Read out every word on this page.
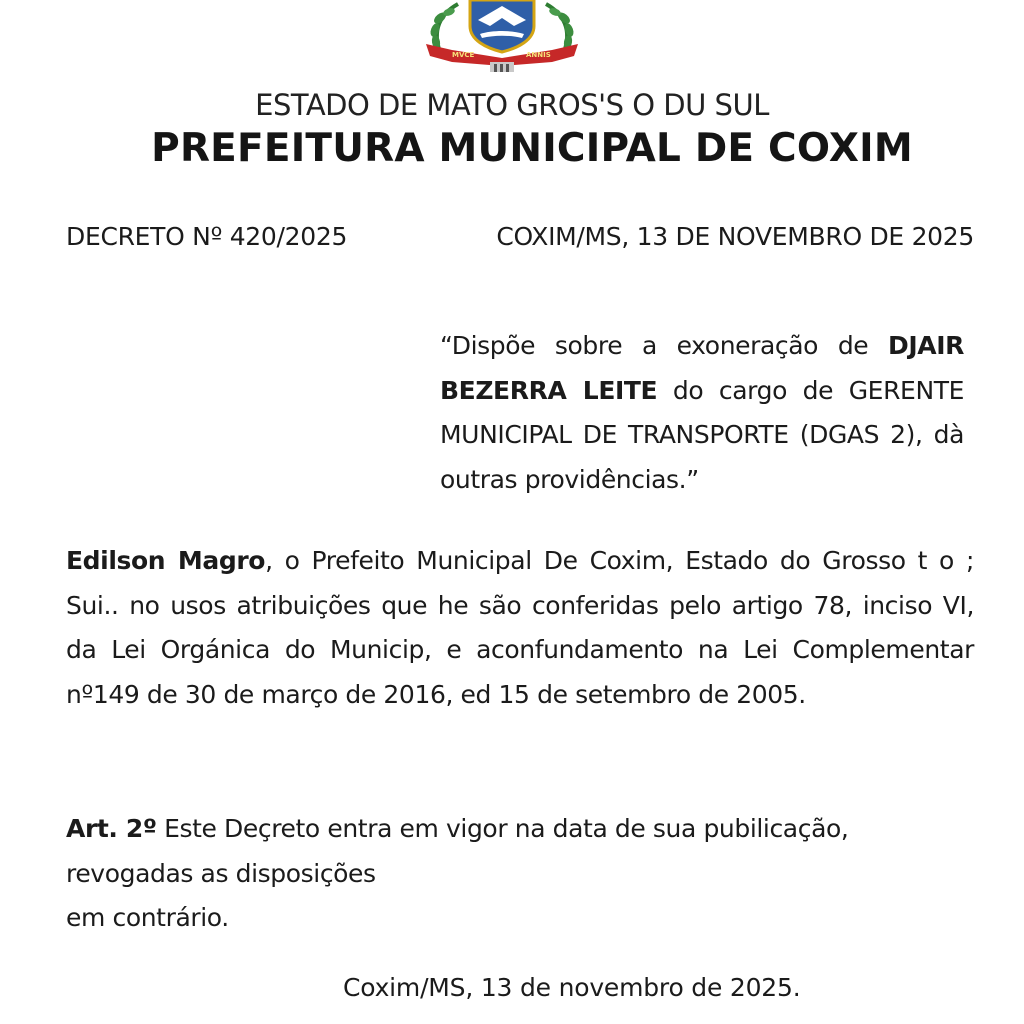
MVCE	ANNIS
ESTADO DE MATO GROS'S O DU SUL
PREFEITURA MUNICIPAL DE COXIM
DECRETO Nº 420/2025	COXIM/MS, 13 DE NOVEMBRO DE 2025
“Dispõe sobre a exoneração de DJAIR BEZERRA LEITE do cargo de GERENTE MUNICIPAL DE TRANSPORTE (DGAS 2), dà outras providências.”
Edilson Magro, o Prefeito Municipal De Coxim, Estado do Grosso t o ; Sui.. no usos atribuições que he são conferidas pelo artigo 78, inciso VI, da Lei Orgánica do Municip, e aconfundamento na Lei Complementar nº149 de 30 de março de 2016, ed 15 de setembro de 2005.
Art. 2º Este Deçreto entra em vigor na data de sua pubilicação,
revogadas as disposições
em contrário.
Coxim/MS, 13 de novembro de 2025.
